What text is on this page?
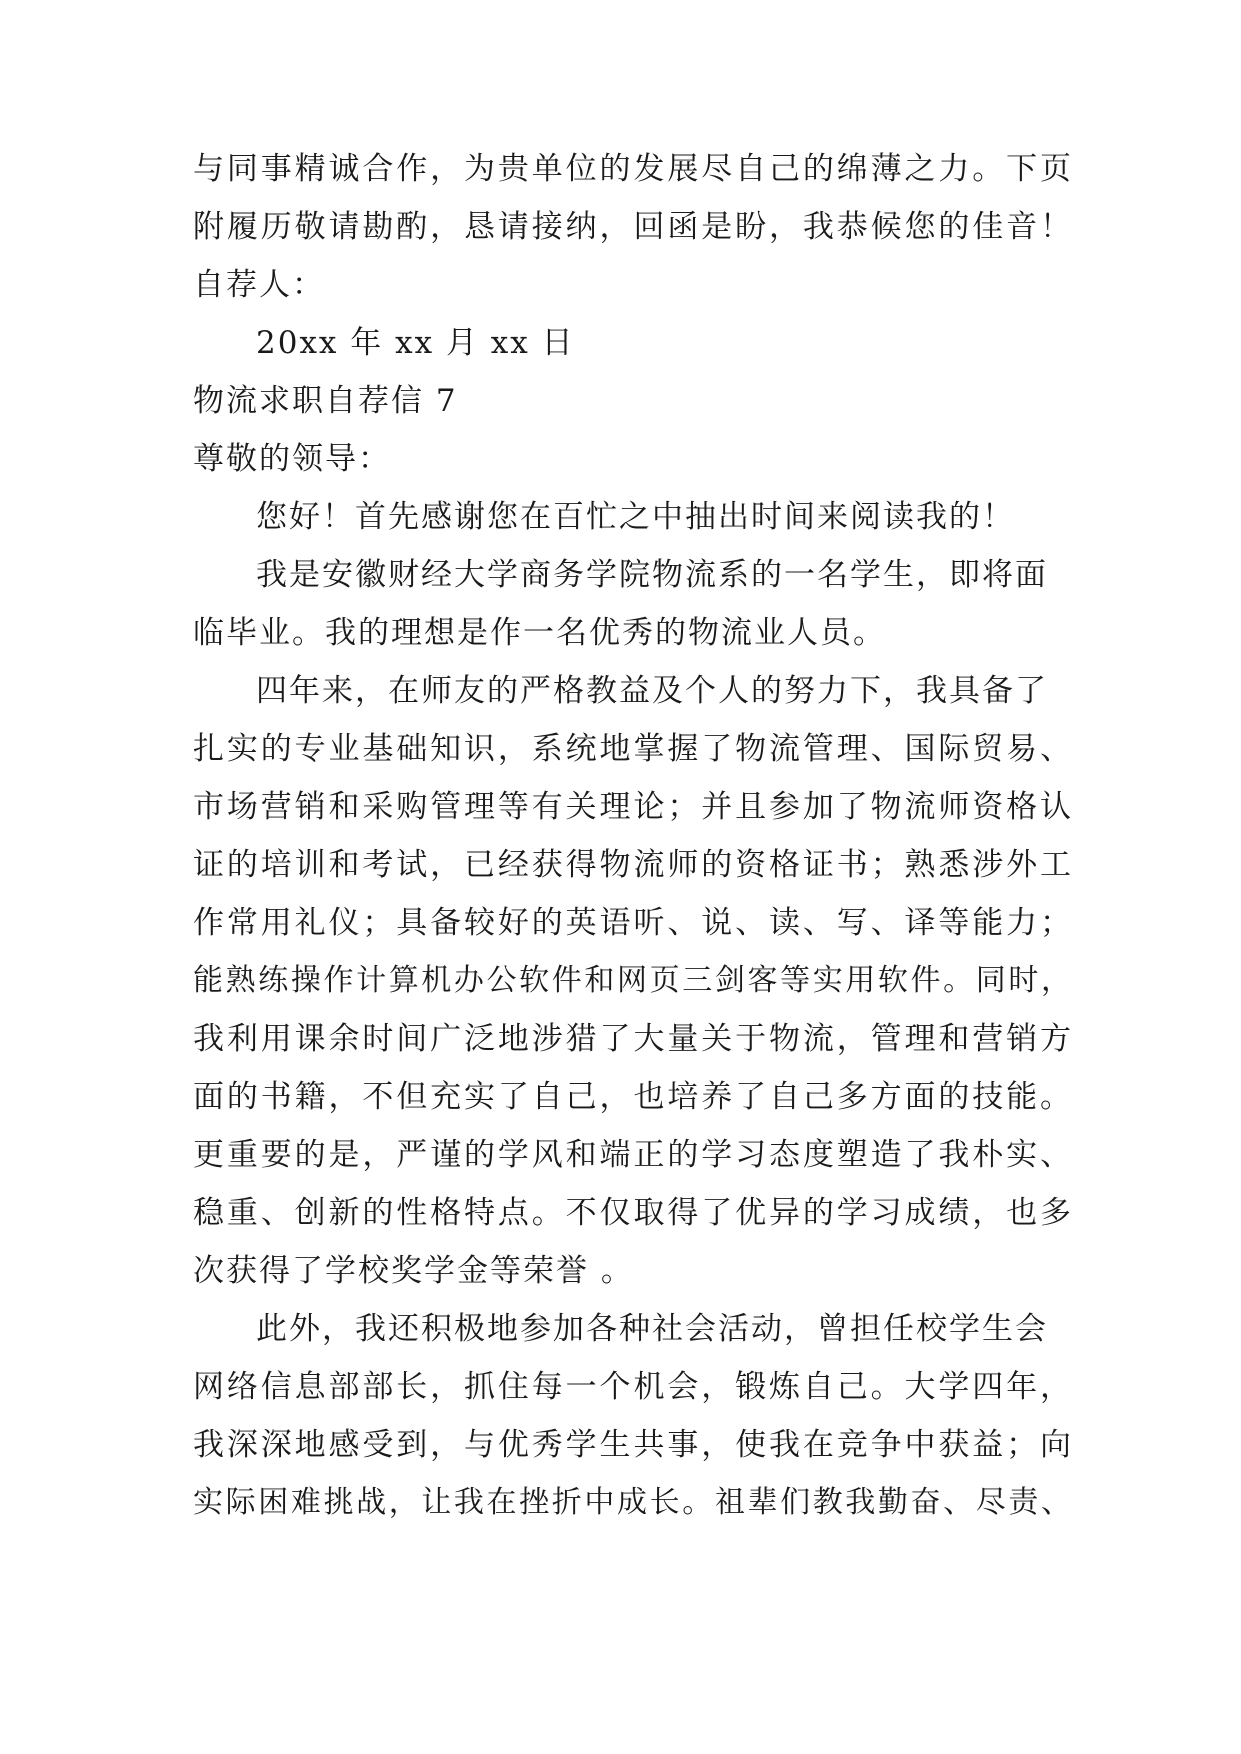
与同事精诚合作，为贵单位的发展尽自己的绵薄之力。下页
附履历敬请勘酌，恳请接纳，回函是盼，我恭候您的佳音！
自荐人：
20xx 年 xx 月 xx 日
物流求职自荐信 7
尊敬的领导：
您好！首先感谢您在百忙之中抽出时间来阅读我的！
我是安徽财经大学商务学院物流系的一名学生，即将面
临毕业。我的理想是作一名优秀的物流业人员。
四年来，在师友的严格教益及个人的努力下，我具备了
扎实的专业基础知识，系统地掌握了物流管理、国际贸易、
市场营销和采购管理等有关理论；并且参加了物流师资格认
证的培训和考试，已经获得物流师的资格证书；熟悉涉外工
作常用礼仪；具备较好的英语听、说、读、写、译等能力；
能熟练操作计算机办公软件和网页三剑客等实用软件。同时，
我利用课余时间广泛地涉猎了大量关于物流，管理和营销方
面的书籍，不但充实了自己，也培养了自己多方面的技能。
更重要的是，严谨的学风和端正的学习态度塑造了我朴实、
稳重、创新的性格特点。不仅取得了优异的学习成绩，也多
次获得了学校奖学金等荣誉 。
此外，我还积极地参加各种社会活动，曾担任校学生会
网络信息部部长，抓住每一个机会，锻炼自己。大学四年，
我深深地感受到，与优秀学生共事，使我在竞争中获益；向
实际困难挑战，让我在挫折中成长。祖辈们教我勤奋、尽责、
